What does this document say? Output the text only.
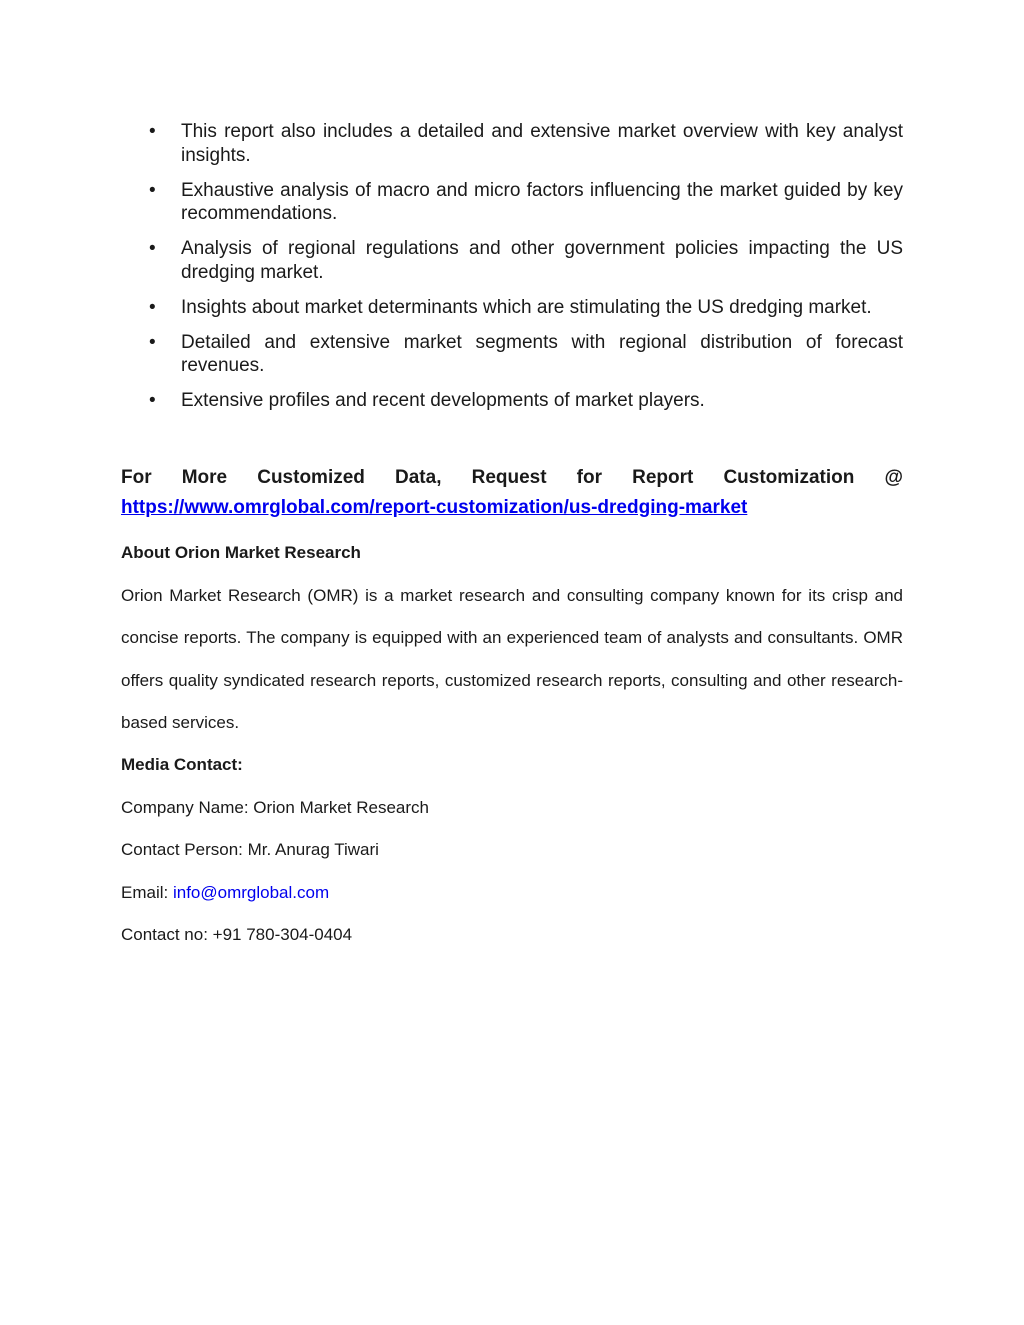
• This report also includes a detailed and extensive market overview with key analyst insights.
• Exhaustive analysis of macro and micro factors influencing the market guided by key recommendations.
• Analysis of regional regulations and other government policies impacting the US dredging market.
• Insights about market determinants which are stimulating the US dredging market.
• Detailed and extensive market segments with regional distribution of forecast revenues.
• Extensive profiles and recent developments of market players.

For More Customized Data, Request for Report Customization @

https://www.omrglobal.com/report-customization/us-dredging-market
About Orion Market Research

Orion Market Research (OMR) is a market research and consulting company known for its crisp and concise reports. The company is equipped with an experienced team of analysts and consultants. OMR offers quality syndicated research reports, customized research reports, consulting and other research-based services.

Media Contact:

Company Name: Orion Market Research

Contact Person: Mr. Anurag Tiwari

Email: info@omrglobal.com

Contact no: +91 780-304-0404
